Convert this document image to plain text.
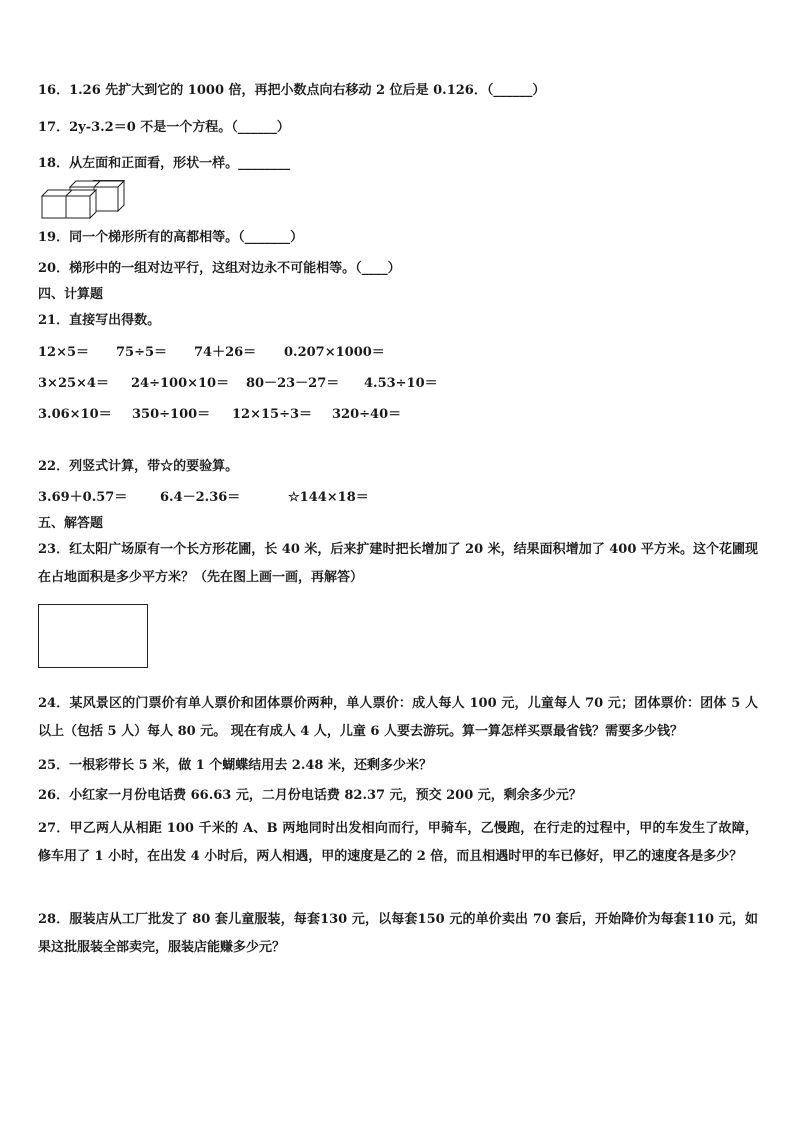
16．1.26 先扩大到它的 1000 倍，再把小数点向右移动 2 位后是 0.126．（______）
17．2y-3.2＝0 不是一个方程。（______）
18．从左面和正面看，形状一样。________
19．同一个梯形所有的高都相等。（_______）
20．梯形中的一组对边平行，这组对边永不可能相等。（____）
四、计算题
21．直接写出得数。
12×5＝ 75÷5＝ 74＋26＝ 0.207×1000＝
3×25×4＝ 24÷100×10＝ 80－23－27＝ 4.53÷10＝
3.06×10＝ 350÷100＝ 12×15÷3＝ 320÷40＝
22．列竖式计算，带☆的要验算。
3.69＋0.57＝	6.4－2.36＝	☆144×18＝
五、解答题
23．红太阳广场原有一个长方形花圃，长 40 米，后来扩建时把长增加了 20 米，结果面积增加了 400 平方米。这个花圃现在占地面积是多少平方米？（先在图上画一画，再解答）
24．某风景区的门票价有单人票价和团体票价两种，单人票价：成人每人 100 元，儿童每人 70 元；团体票价：团体 5 人以上（包括 5 人）每人 80 元。 现在有成人 4 人，儿童 6 人要去游玩。算一算怎样买票最省钱？需要多少钱？
25．一根彩带长 5 米，做 1 个蝴蝶结用去 2.48 米，还剩多少米？
26．小红家一月份电话费 66.63 元，二月份电话费 82.37 元，预交 200 元，剩余多少元？
27．甲乙两人从相距 100 千米的 A、B 两地同时出发相向而行，甲骑车，乙慢跑，在行走的过程中，甲的车发生了故障，修车用了 1 小时，在出发 4 小时后，两人相遇，甲的速度是乙的 2 倍，而且相遇时甲的车已修好，甲乙的速度各是多少？
28．服装店从工厂批发了 80 套儿童服装，每套130 元，以每套150 元的单价卖出 70 套后，开始降价为每套110 元，如果这批服装全部卖完，服装店能赚多少元？
